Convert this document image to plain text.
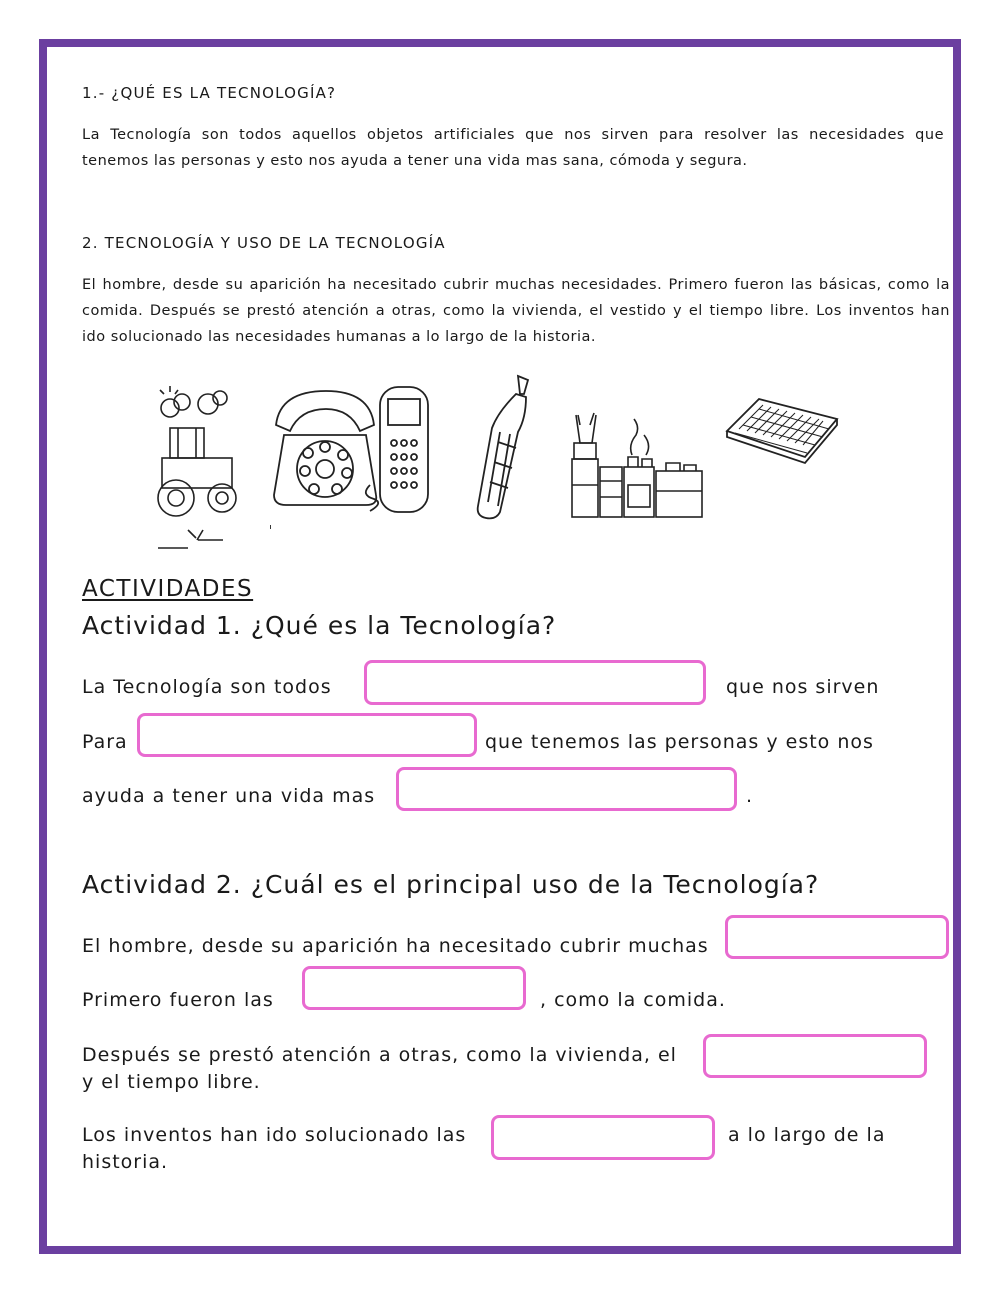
1.- ¿QUÉ ES LA TECNOLOGÍA?
La Tecnología son todos aquellos objetos artificiales que nos sirven para resolver las necesidades que tenemos las personas y esto nos ayuda a tener una vida mas sana, cómoda y segura.
2. TECNOLOGÍA Y USO DE LA TECNOLOGÍA
El hombre, desde su aparición ha necesitado cubrir muchas necesidades. Primero fueron las básicas, como la comida. Después se prestó atención a otras, como la vivienda, el vestido y el tiempo libre. Los inventos han ido solucionado las necesidades humanas a lo largo de la historia.
ACTIVIDADES
Actividad 1. ¿Qué es la Tecnología?
La Tecnología son todos	que nos sirven
Para	que tenemos las personas y esto nos
ayuda a tener una vida mas	.
Actividad 2. ¿Cuál es el principal uso de la Tecnología?
El hombre, desde su aparición ha necesitado cubrir muchas
Primero fueron las	, como la comida.
Después se prestó atención a otras, como la vivienda, el
y el tiempo libre.
Los inventos han ido solucionado las	a lo largo de la
historia.
